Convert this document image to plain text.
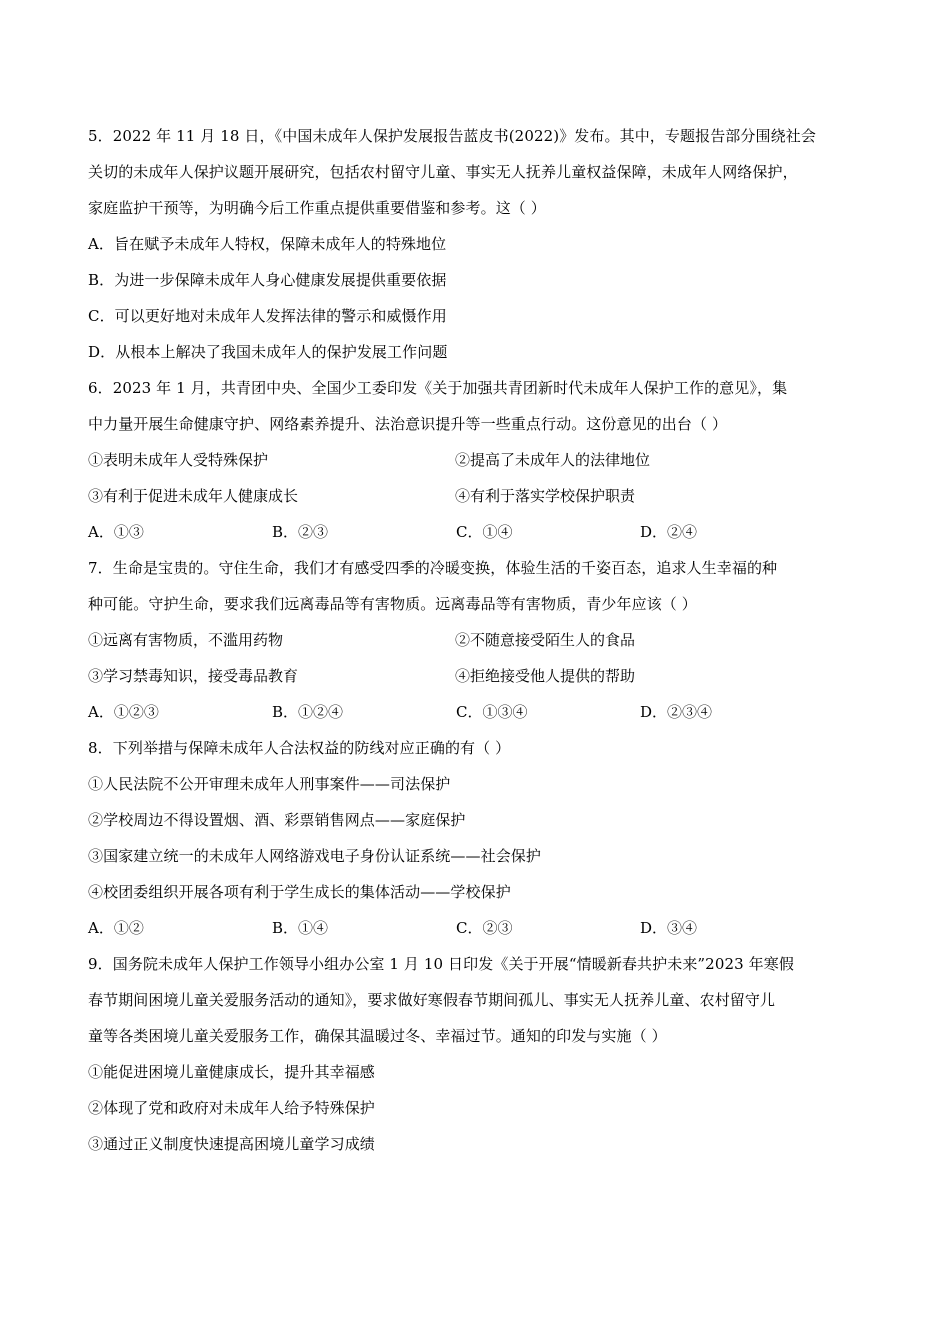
5．2022 年 11 月 18 日，《中国未成年人保护发展报告蓝皮书(2022)》发布。其中，专题报告部分围绕社会
关切的未成年人保护议题开展研究，包括农村留守儿童、事实无人抚养儿童权益保障，未成年人网络保护，
家庭监护干预等，为明确今后工作重点提供重要借鉴和参考。这（ ）
A．旨在赋予未成年人特权，保障未成年人的特殊地位
B．为进一步保障未成年人身心健康发展提供重要依据
C．可以更好地对未成年人发挥法律的警示和威慑作用
D．从根本上解决了我国未成年人的保护发展工作问题
6．2023 年 1 月，共青团中央、全国少工委印发《关于加强共青团新时代未成年人保护工作的意见》，集
中力量开展生命健康守护、网络素养提升、法治意识提升等一些重点行动。这份意见的出台（ ）
①表明未成年人受特殊保护	②提高了未成年人的法律地位
③有利于促进未成年人健康成长	④有利于落实学校保护职责
A．①③	B．②③	C．①④	D．②④
7．生命是宝贵的。守住生命，我们才有感受四季的冷暖变换，体验生活的千姿百态，追求人生幸福的种
种可能。守护生命，要求我们远离毒品等有害物质。远离毒品等有害物质，青少年应该（ ）
①远离有害物质，不滥用药物	②不随意接受陌生人的食品
③学习禁毒知识，接受毒品教育	④拒绝接受他人提供的帮助
A．①②③	B．①②④	C．①③④	D．②③④
8．下列举措与保障未成年人合法权益的防线对应正确的有（ ）
①人民法院不公开审理未成年人刑事案件——司法保护
②学校周边不得设置烟、酒、彩票销售网点——家庭保护
③国家建立统一的未成年人网络游戏电子身份认证系统——社会保护
④校团委组织开展各项有利于学生成长的集体活动——学校保护
A．①②	B．①④	C．②③	D．③④
9．国务院未成年人保护工作领导小组办公室 1 月 10 日印发《关于开展“情暖新春共护未来”2023 年寒假
春节期间困境儿童关爱服务活动的通知》，要求做好寒假春节期间孤儿、事实无人抚养儿童、农村留守儿
童等各类困境儿童关爱服务工作，确保其温暖过冬、幸福过节。通知的印发与实施（ ）
①能促进困境儿童健康成长，提升其幸福感
②体现了党和政府对未成年人给予特殊保护
③通过正义制度快速提高困境儿童学习成绩
